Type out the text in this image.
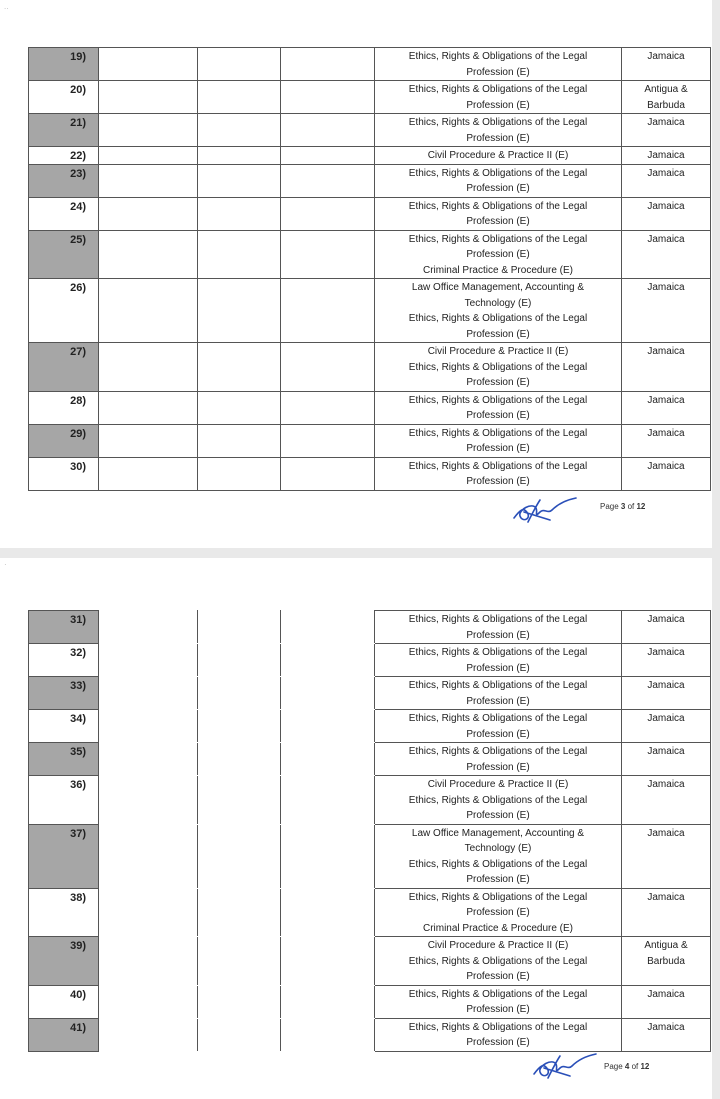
..
19)				Ethics, Rights & Obligations of the Legal
Profession (E)	Jamaica

20)				Ethics, Rights & Obligations of the Legal
Profession (E)	Antigua &
Barbuda

21)				Ethics, Rights & Obligations of the Legal
Profession (E)	Jamaica

22)				Civil Procedure & Practice II (E)	Jamaica

23)				Ethics, Rights & Obligations of the Legal
Profession (E)	Jamaica

24)				Ethics, Rights & Obligations of the Legal
Profession (E)	Jamaica

25)				Ethics, Rights & Obligations of the Legal
Profession (E)
Criminal Practice & Procedure (E)	Jamaica

26)				Law Office Management, Accounting &
Technology (E)
Ethics, Rights & Obligations of the Legal
Profession (E)	Jamaica

27)				Civil Procedure & Practice II (E)
Ethics, Rights & Obligations of the Legal
Profession (E)	Jamaica

28)				Ethics, Rights & Obligations of the Legal
Profession (E)	Jamaica

29)				Ethics, Rights & Obligations of the Legal
Profession (E)	Jamaica

30)				Ethics, Rights & Obligations of the Legal
Profession (E)	Jamaica
Page 3 of 12
·
31)				Ethics, Rights & Obligations of the Legal
Profession (E)	Jamaica

32)				Ethics, Rights & Obligations of the Legal
Profession (E)	Jamaica

33)				Ethics, Rights & Obligations of the Legal
Profession (E)	Jamaica

34)				Ethics, Rights & Obligations of the Legal
Profession (E)	Jamaica

35)				Ethics, Rights & Obligations of the Legal
Profession (E)	Jamaica

36)				Civil Procedure & Practice II (E)
Ethics, Rights & Obligations of the Legal
Profession (E)	Jamaica

37)				Law Office Management, Accounting &
Technology (E)
Ethics, Rights & Obligations of the Legal
Profession (E)	Jamaica

38)				Ethics, Rights & Obligations of the Legal
Profession (E)
Criminal Practice & Procedure (E)	Jamaica

39)				Civil Procedure & Practice II (E)
Ethics, Rights & Obligations of the Legal
Profession (E)	Antigua &
Barbuda

40)				Ethics, Rights & Obligations of the Legal
Profession (E)	Jamaica

41)				Ethics, Rights & Obligations of the Legal
Profession (E)	Jamaica
Page 4 of 12
